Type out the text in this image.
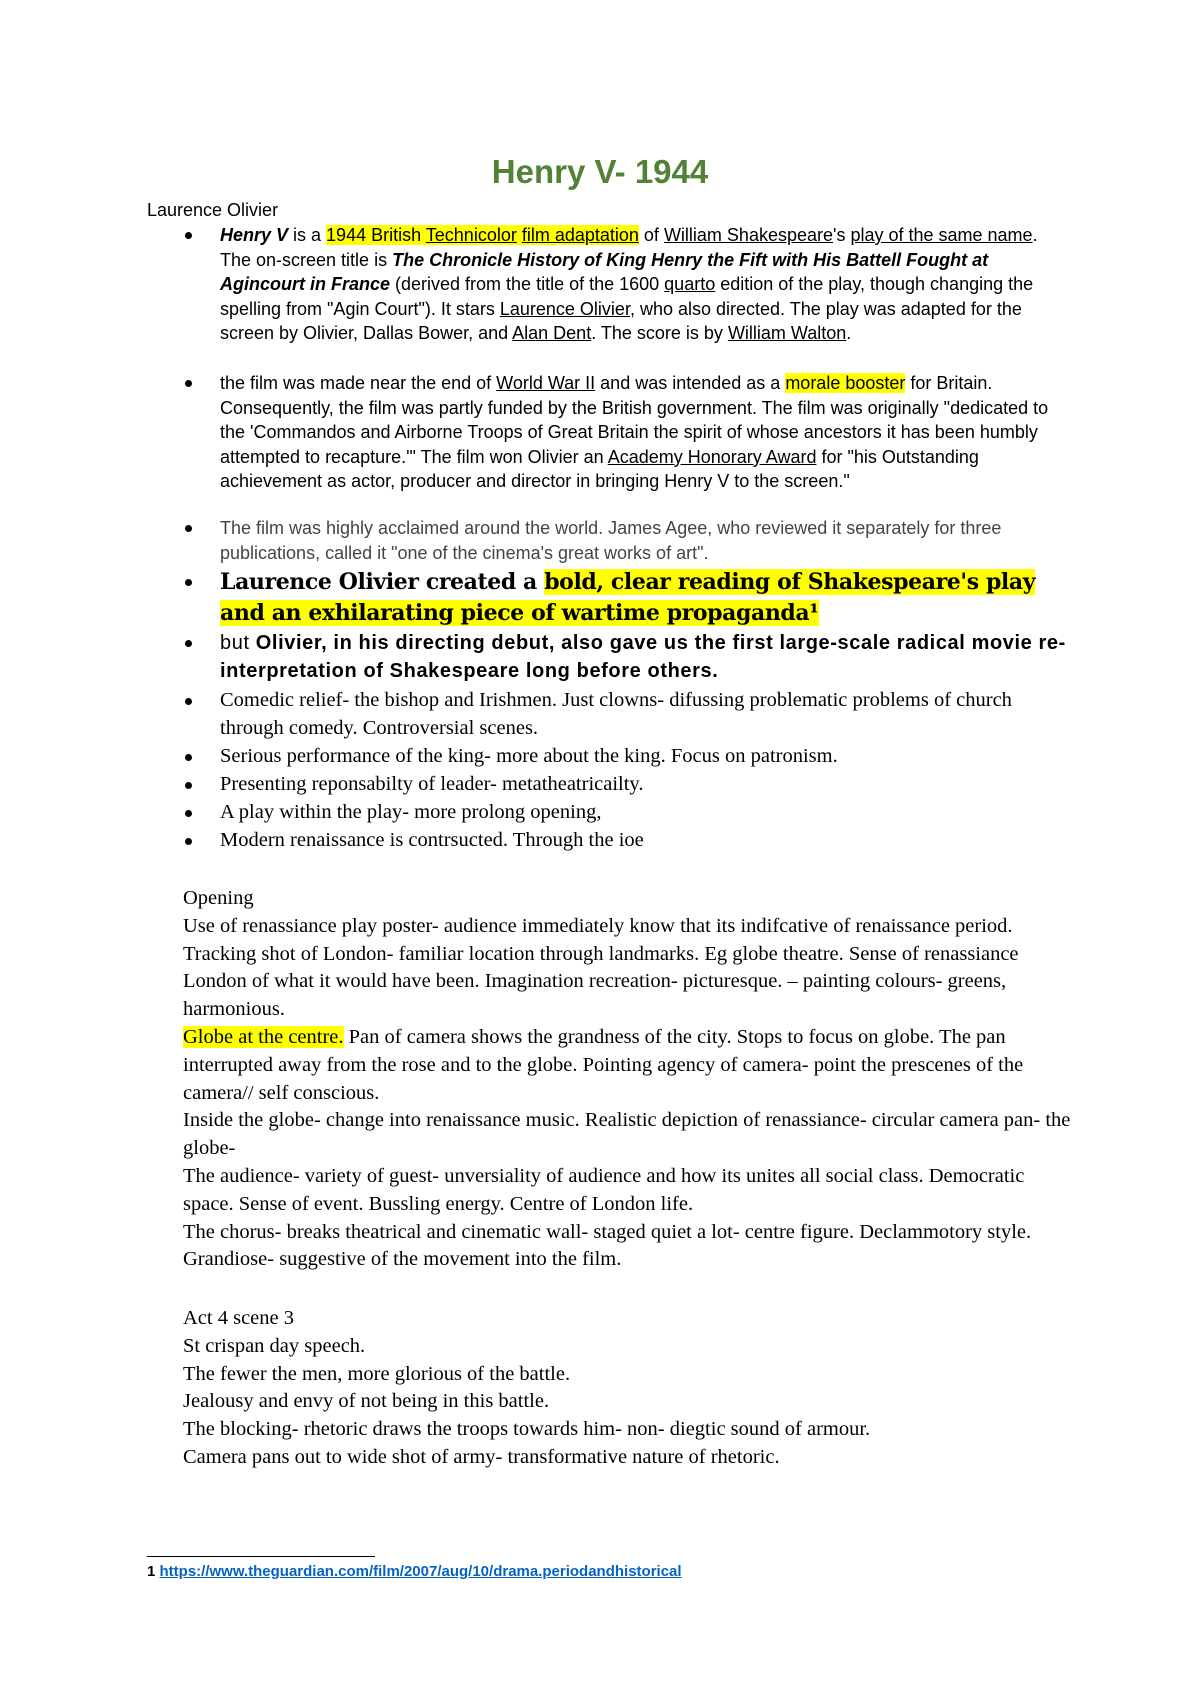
Henry V- 1944
Laurence Olivier
Henry V is a 1944 British Technicolor film adaptation of William Shakespeare's play of the same name. The on-screen title is The Chronicle History of King Henry the Fift with His Battell Fought at Agincourt in France (derived from the title of the 1600 quarto edition of the play, though changing the spelling from "Agin Court"). It stars Laurence Olivier, who also directed. The play was adapted for the screen by Olivier, Dallas Bower, and Alan Dent. The score is by William Walton.
the film was made near the end of World War II and was intended as a morale booster for Britain. Consequently, the film was partly funded by the British government. The film was originally "dedicated to the 'Commandos and Airborne Troops of Great Britain the spirit of whose ancestors it has been humbly attempted to recapture.'" The film won Olivier an Academy Honorary Award for "his Outstanding achievement as actor, producer and director in bringing Henry V to the screen."
The film was highly acclaimed around the world. James Agee, who reviewed it separately for three publications, called it "one of the cinema's great works of art".
Laurence Olivier created a bold, clear reading of Shakespeare's play and an exhilarating piece of wartime propaganda¹
but Olivier, in his directing debut, also gave us the first large-scale radical movie re-interpretation of Shakespeare long before others.
Comedic relief- the bishop and Irishmen. Just clowns- difussing problematic problems of church through comedy. Controversial scenes.
Serious performance of the king- more about the king. Focus on patronism.
Presenting reponsabilty of leader- metatheatricailty.
A play within the play- more prolong opening,
Modern renaissance is contrsucted. Through the ioe

Opening

Use of renassiance play poster- audience immediately know that its indifcative of renaissance period. Tracking shot of London- familiar location through landmarks. Eg globe theatre. Sense of renassiance London of what it would have been. Imagination recreation- picturesque. – painting colours- greens, harmonious.

Globe at the centre. Pan of camera shows the grandness of the city. Stops to focus on globe. The pan interrupted away from the rose and to the globe. Pointing agency of camera- point the prescenes of the camera// self conscious.

Inside the globe- change into renaissance music. Realistic depiction of renassiance- circular camera pan- the globe-

The audience- variety of guest- unversiality of audience and how its unites all social class. Democratic space. Sense of event. Bussling energy. Centre of London life.

The chorus- breaks theatrical and cinematic wall- staged quiet a lot- centre figure. Declammotory style. Grandiose- suggestive of the movement into the film.

Act 4 scene 3

St crispan day speech.

The fewer the men, more glorious of the battle.

Jealousy and envy of not being in this battle.

The blocking- rhetoric draws the troops towards him- non- diegtic sound of armour.

Camera pans out to wide shot of army- transformative nature of rhetoric.

1 https://www.theguardian.com/film/2007/aug/10/drama.periodandhistorical
